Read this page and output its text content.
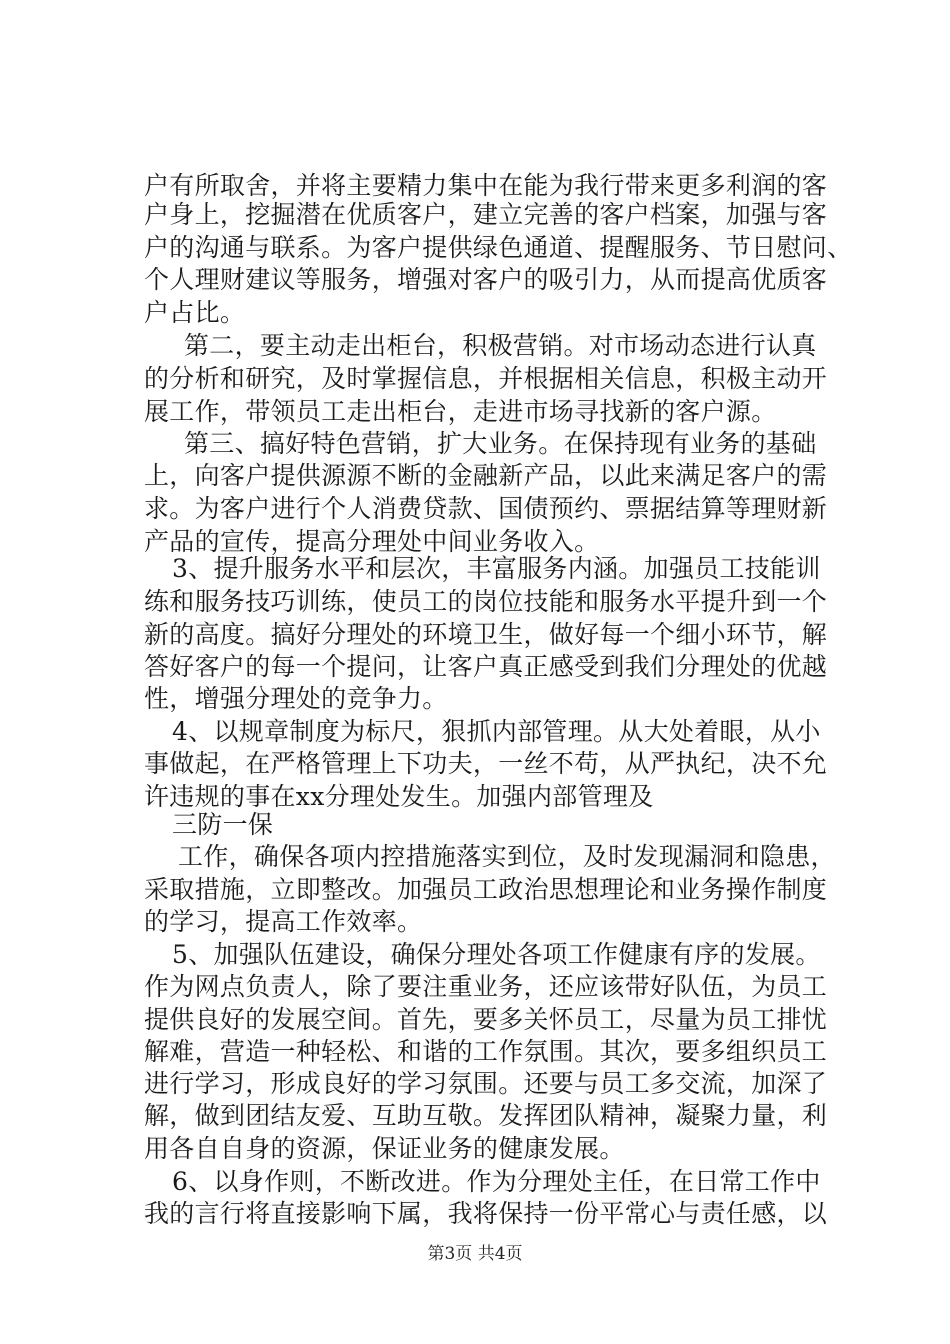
户有所取舍，并将主要精力集中在能为我行带来更多利润的客
户身上，挖掘潜在优质客户，建立完善的客户档案，加强与客
户的沟通与联系。为客户提供绿色通道、提醒服务、节日慰问、
个人理财建议等服务，增强对客户的吸引力，从而提高优质客
户占比。
第二，要主动走出柜台，积极营销。对市场动态进行认真
的分析和研究，及时掌握信息，并根据相关信息，积极主动开
展工作，带领员工走出柜台，走进市场寻找新的客户源。
第三、搞好特色营销，扩大业务。在保持现有业务的基础
上，向客户提供源源不断的金融新产品，以此来满足客户的需
求。为客户进行个人消费贷款、国债预约、票据结算等理财新
产品的宣传，提高分理处中间业务收入。
3、提升服务水平和层次，丰富服务内涵。加强员工技能训
练和服务技巧训练，使员工的岗位技能和服务水平提升到一个
新的高度。搞好分理处的环境卫生，做好每一个细小环节，解
答好客户的每一个提问，让客户真正感受到我们分理处的优越
性，增强分理处的竞争力。
4、以规章制度为标尺，狠抓内部管理。从大处着眼，从小
事做起，在严格管理上下功夫，一丝不苟，从严执纪，决不允
许违规的事在xx分理处发生。加强内部管理及
三防一保
工作，确保各项内控措施落实到位，及时发现漏洞和隐患，
采取措施，立即整改。加强员工政治思想理论和业务操作制度
的学习，提高工作效率。
5、加强队伍建设，确保分理处各项工作健康有序的发展。
作为网点负责人，除了要注重业务，还应该带好队伍，为员工
提供良好的发展空间。首先，要多关怀员工，尽量为员工排忧
解难，营造一种轻松、和谐的工作氛围。其次，要多组织员工
进行学习，形成良好的学习氛围。还要与员工多交流，加深了
解，做到团结友爱、互助互敬。发挥团队精神，凝聚力量，利
用各自自身的资源，保证业务的健康发展。
6、以身作则，不断改进。作为分理处主任，在日常工作中
我的言行将直接影响下属，我将保持一份平常心与责任感，以
第3页 共4页
